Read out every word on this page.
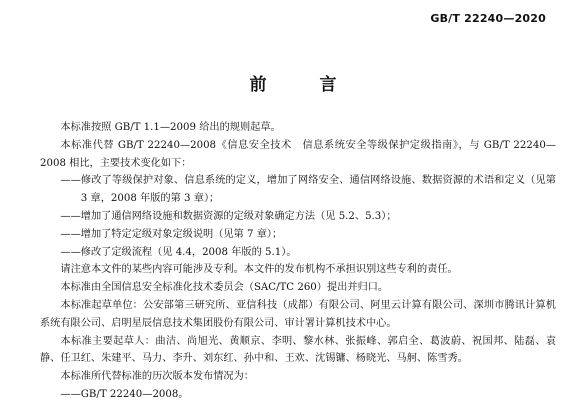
GB/T 22240—2020
前　言

本标准按照 GB/T 1.1—2009 给出的规则起草。

本标准代替 GB/T 22240—2008《信息安全技术　信息系统安全等级保护定级指南》，与 GB/T 22240—2008 相比，主要技术变化如下：

——修改了等级保护对象、信息系统的定义，增加了网络安全、通信网络设施、数据资源的术语和定义（见第 3 章，2008 年版的第 3 章）；

——增加了通信网络设施和数据资源的定级对象确定方法（见 5.2、5.3）；

——增加了特定定级对象定级说明（见第 7 章）；

——修改了定级流程（见 4.4，2008 年版的 5.1）。

请注意本文件的某些内容可能涉及专利。本文件的发布机构不承担识别这些专利的责任。

本标准由全国信息安全标准化技术委员会（SAC/TC 260）提出并归口。

本标准起草单位：公安部第三研究所、亚信科技（成都）有限公司、阿里云计算有限公司、深圳市腾讯计算机系统有限公司、启明星辰信息技术集团股份有限公司、审计署计算机技术中心。

本标准主要起草人：曲洁、尚旭光、黄顺京、李明、黎水林、张振峰、郭启全、葛波蔚、祝国邦、陆磊、袁静、任卫红、朱建平、马力、李升、刘东红、孙中和、王欢、沈锡镛、杨晓光、马舸、陈雪秀。

本标准所代替标准的历次版本发布情况为：

——GB/T 22240—2008。
